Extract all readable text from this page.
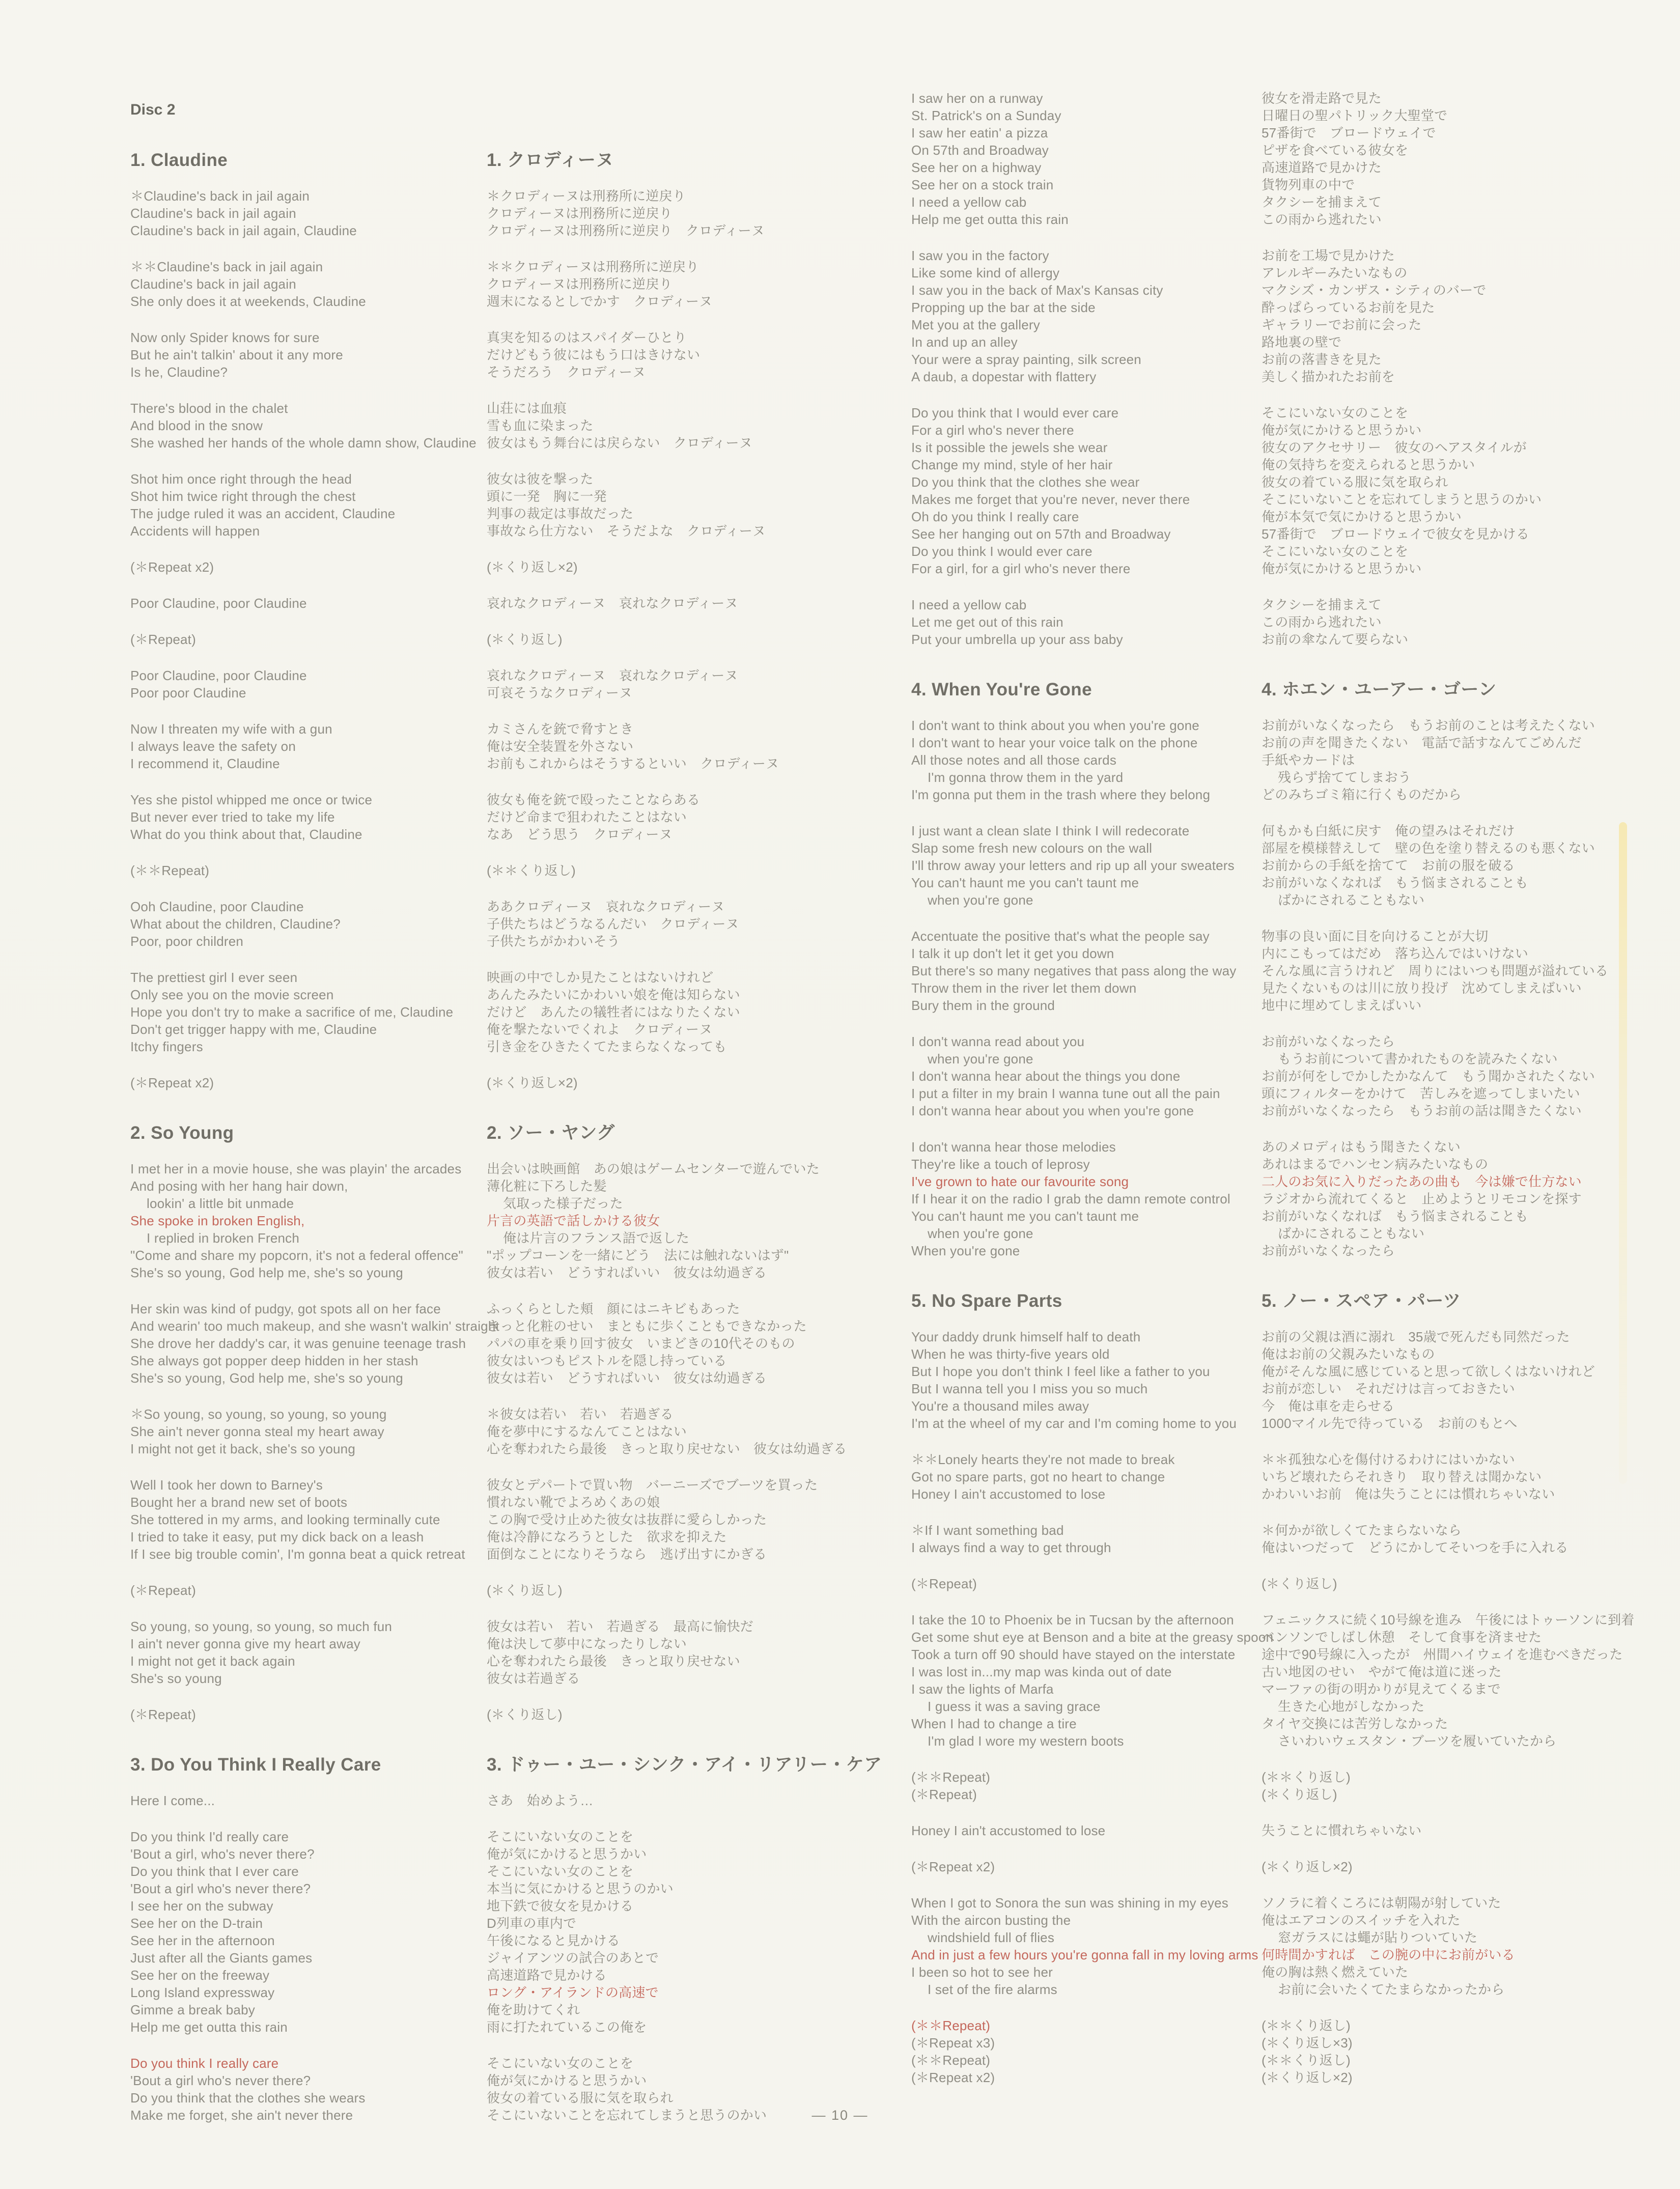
Disc 2
1. Claudine
＊Claudine's back in jail again
Claudine's back in jail again
Claudine's back in jail again, Claudine
＊＊Claudine's back in jail again
Claudine's back in jail again
She only does it at weekends, Claudine
Now only Spider knows for sure
But he ain't talkin' about it any more
Is he, Claudine?
There's blood in the chalet
And blood in the snow
She washed her hands of the whole damn show, Claudine
Shot him once right through the head
Shot him twice right through the chest
The judge ruled it was an accident, Claudine
Accidents will happen
(＊Repeat x2)
Poor Claudine, poor Claudine
(＊Repeat)
Poor Claudine, poor Claudine
Poor poor Claudine
Now I threaten my wife with a gun
I always leave the safety on
I recommend it, Claudine
Yes she pistol whipped me once or twice
But never ever tried to take my life
What do you think about that, Claudine
(＊＊Repeat)
Ooh Claudine, poor Claudine
What about the children, Claudine?
Poor, poor children
The prettiest girl I ever seen
Only see you on the movie screen
Hope you don't try to make a sacrifice of me, Claudine
Don't get trigger happy with me, Claudine
Itchy fingers
(＊Repeat x2)
2. So Young
I met her in a movie house, she was playin' the arcades
And posing with her hang hair down,
lookin' a little bit unmade
She spoke in broken English,
I replied in broken French
"Come and share my popcorn, it's not a federal offence"
She's so young, God help me, she's so young
Her skin was kind of pudgy, got spots all on her face
And wearin' too much makeup, and she wasn't walkin' straight
She drove her daddy's car, it was genuine teenage trash
She always got popper deep hidden in her stash
She's so young, God help me, she's so young
＊So young, so young, so young, so young
She ain't never gonna steal my heart away
I might not get it back, she's so young
Well I took her down to Barney's
Bought her a brand new set of boots
She tottered in my arms, and looking terminally cute
I tried to take it easy, put my dick back on a leash
If I see big trouble comin', I'm gonna beat a quick retreat
(＊Repeat)
So young, so young, so young, so much fun
I ain't never gonna give my heart away
I might not get it back again
She's so young
(＊Repeat)
3. Do You Think I Really Care
Here I come...
Do you think I'd really care
'Bout a girl, who's never there?
Do you think that I ever care
'Bout a girl who's never there?
I see her on the subway
See her on the D-train
See her in the afternoon
Just after all the Giants games
See her on the freeway
Long Island expressway
Gimme a break baby
Help me get outta this rain
Do you think I really care
'Bout a girl who's never there?
Do you think that the clothes she wears
Make me forget, she ain't never there
1. クロディーヌ
＊クロディーヌは刑務所に逆戻り
クロディーヌは刑務所に逆戻り
クロディーヌは刑務所に逆戻り　クロディーヌ
＊＊クロディーヌは刑務所に逆戻り
クロディーヌは刑務所に逆戻り
週末になるとしでかす　クロディーヌ
真実を知るのはスパイダーひとり
だけどもう彼にはもう口はきけない
そうだろう　クロディーヌ
山荘には血痕
雪も血に染まった
彼女はもう舞台には戻らない　クロディーヌ
彼女は彼を撃った
頭に一発　胸に一発
判事の裁定は事故だった
事故なら仕方ない　そうだよな　クロディーヌ
(＊くり返し×2)
哀れなクロディーヌ　哀れなクロディーヌ
(＊くり返し)
哀れなクロディーヌ　哀れなクロディーヌ
可哀そうなクロディーヌ
カミさんを銃で脅すとき
俺は安全装置を外さない
お前もこれからはそうするといい　クロディーヌ
彼女も俺を銃で殴ったことならある
だけど命まで狙われたことはない
なあ　どう思う　クロディーヌ
(＊＊くり返し)
ああクロディーヌ　哀れなクロディーヌ
子供たちはどうなるんだい　クロディーヌ
子供たちがかわいそう
映画の中でしか見たことはないけれど
あんたみたいにかわいい娘を俺は知らない
だけど　あんたの犠牲者にはなりたくない
俺を撃たないでくれよ　クロディーヌ
引き金をひきたくてたまらなくなっても
(＊くり返し×2)
2. ソー・ヤング
出会いは映画館　あの娘はゲームセンターで遊んでいた
薄化粧に下ろした髪
気取った様子だった
片言の英語で話しかける彼女
俺は片言のフランス語で返した
"ポップコーンを一緒にどう　法には触れないはず"
彼女は若い　どうすればいい　彼女は幼過ぎる
ふっくらとした頬　顔にはニキビもあった
きっと化粧のせい　まともに歩くこともできなかった
パパの車を乗り回す彼女　いまどきの10代そのもの
彼女はいつもピストルを隠し持っている
彼女は若い　どうすればいい　彼女は幼過ぎる
＊彼女は若い　若い　若過ぎる
俺を夢中にするなんてことはない
心を奪われたら最後　きっと取り戻せない　彼女は幼過ぎる
彼女とデパートで買い物　バーニーズでブーツを買った
慣れない靴でよろめくあの娘
この胸で受け止めた彼女は抜群に愛らしかった
俺は冷静になろうとした　欲求を抑えた
面倒なことになりそうなら　逃げ出すにかぎる
(＊くり返し)
彼女は若い　若い　若過ぎる　最高に愉快だ
俺は決して夢中になったりしない
心を奪われたら最後　きっと取り戻せない
彼女は若過ぎる
(＊くり返し)
3. ドゥー・ユー・シンク・アイ・リアリー・ケア
さあ　始めよう…
そこにいない女のことを
俺が気にかけると思うかい
そこにいない女のことを
本当に気にかけると思うのかい
地下鉄で彼女を見かける
D列車の車内で
午後になると見かける
ジャイアンツの試合のあとで
高速道路で見かける
ロング・アイランドの高速で
俺を助けてくれ
雨に打たれているこの俺を
そこにいない女のことを
俺が気にかけると思うかい
彼女の着ている服に気を取られ
そこにいないことを忘れてしまうと思うのかい
I saw her on a runway
St. Patrick's on a Sunday
I saw her eatin' a pizza
On 57th and Broadway
See her on a highway
See her on a stock train
I need a yellow cab
Help me get outta this rain
I saw you in the factory
Like some kind of allergy
I saw you in the back of Max's Kansas city
Propping up the bar at the side
Met you at the gallery
In and up an alley
Your were a spray painting, silk screen
A daub, a dopestar with flattery
Do you think that I would ever care
For a girl who's never there
Is it possible the jewels she wear
Change my mind, style of her hair
Do you think that the clothes she wear
Makes me forget that you're never, never there
Oh do you think I really care
See her hanging out on 57th and Broadway
Do you think I would ever care
For a girl, for a girl who's never there
I need a yellow cab
Let me get out of this rain
Put your umbrella up your ass baby
4. When You're Gone
I don't want to think about you when you're gone
I don't want to hear your voice talk on the phone
All those notes and all those cards
I'm gonna throw them in the yard
I'm gonna put them in the trash where they belong
I just want a clean slate I think I will redecorate
Slap some fresh new colours on the wall
I'll throw away your letters and rip up all your sweaters
You can't haunt me you can't taunt me
when you're gone
Accentuate the positive that's what the people say
I talk it up don't let it get you down
But there's so many negatives that pass along the way
Throw them in the river let them down
Bury them in the ground
I don't wanna read about you
when you're gone
I don't wanna hear about the things you done
I put a filter in my brain I wanna tune out all the pain
I don't wanna hear about you when you're gone
I don't wanna hear those melodies
They're like a touch of leprosy
I've grown to hate our favourite song
If I hear it on the radio I grab the damn remote control
You can't haunt me you can't taunt me
when you're gone
When you're gone
5. No Spare Parts
Your daddy drunk himself half to death
When he was thirty-five years old
But I hope you don't think I feel like a father to you
But I wanna tell you I miss you so much
You're a thousand miles away
I'm at the wheel of my car and I'm coming home to you
＊＊Lonely hearts they're not made to break
Got no spare parts, got no heart to change
Honey I ain't accustomed to lose
＊If I want something bad
I always find a way to get through
(＊Repeat)
I take the 10 to Phoenix be in Tucsan by the afternoon
Get some shut eye at Benson and a bite at the greasy spoon
Took a turn off 90 should have stayed on the interstate
I was lost in...my map was kinda out of date
I saw the lights of Marfa
I guess it was a saving grace
When I had to change a tire
I'm glad I wore my western boots
(＊＊Repeat)
(＊Repeat)
Honey I ain't accustomed to lose
(＊Repeat x2)
When I got to Sonora the sun was shining in my eyes
With the aircon busting the
windshield full of flies
And in just a few hours you're gonna fall in my loving arms
I been so hot to see her
I set of the fire alarms
(＊＊Repeat)
(＊Repeat x3)
(＊＊Repeat)
(＊Repeat x2)
彼女を滑走路で見た
日曜日の聖パトリック大聖堂で
57番街で　ブロードウェイで
ピザを食べている彼女を
高速道路で見かけた
貨物列車の中で
タクシーを捕まえて
この雨から逃れたい
お前を工場で見かけた
アレルギーみたいなもの
マクシズ・カンザス・シティのバーで
酔っぱらっているお前を見た
ギャラリーでお前に会った
路地裏の壁で
お前の落書きを見た
美しく描かれたお前を
そこにいない女のことを
俺が気にかけると思うかい
彼女のアクセサリー　彼女のヘアスタイルが
俺の気持ちを変えられると思うかい
彼女の着ている服に気を取られ
そこにいないことを忘れてしまうと思うのかい
俺が本気で気にかけると思うかい
57番街で　ブロードウェイで彼女を見かける
そこにいない女のことを
俺が気にかけると思うかい
タクシーを捕まえて
この雨から逃れたい
お前の傘なんて要らない
4. ホエン・ユーアー・ゴーン
お前がいなくなったら　もうお前のことは考えたくない
お前の声を聞きたくない　電話で話すなんてごめんだ
手紙やカードは
残らず捨ててしまおう
どのみちゴミ箱に行くものだから
何もかも白紙に戻す　俺の望みはそれだけ
部屋を模様替えして　壁の色を塗り替えるのも悪くない
お前からの手紙を捨てて　お前の服を破る
お前がいなくなれば　もう悩まされることも
ばかにされることもない
物事の良い面に目を向けることが大切
内にこもってはだめ　落ち込んではいけない
そんな風に言うけれど　周りにはいつも問題が溢れている
見たくないものは川に放り投げ　沈めてしまえばいい
地中に埋めてしまえばいい
お前がいなくなったら
もうお前について書かれたものを読みたくない
お前が何をしでかしたかなんて　もう聞かされたくない
頭にフィルターをかけて　苦しみを遮ってしまいたい
お前がいなくなったら　もうお前の話は聞きたくない
あのメロディはもう聞きたくない
あれはまるでハンセン病みたいなもの
二人のお気に入りだったあの曲も　今は嫌で仕方ない
ラジオから流れてくると　止めようとリモコンを探す
お前がいなくなれば　もう悩まされることも
ばかにされることもない
お前がいなくなったら
5. ノー・スペア・パーツ
お前の父親は酒に溺れ　35歳で死んだも同然だった
俺はお前の父親みたいなもの
俺がそんな風に感じていると思って欲しくはないけれど
お前が恋しい　それだけは言っておきたい
今　俺は車を走らせる
1000マイル先で待っている　お前のもとへ
＊＊孤独な心を傷付けるわけにはいかない
いちど壊れたらそれきり　取り替えは聞かない
かわいいお前　俺は失うことには慣れちゃいない
＊何かが欲しくてたまらないなら
俺はいつだって　どうにかしてそいつを手に入れる
(＊くり返し)
フェニックスに続く10号線を進み　午後にはトゥーソンに到着
ベンソンでしばし休憩　そして食事を済ませた
途中で90号線に入ったが　州間ハイウェイを進むべきだった
古い地図のせい　やがて俺は道に迷った
マーファの街の明かりが見えてくるまで
生きた心地がしなかった
タイヤ交換には苦労しなかった
さいわいウェスタン・ブーツを履いていたから
(＊＊くり返し)
(＊くり返し)
失うことに慣れちゃいない
(＊くり返し×2)
ソノラに着くころには朝陽が射していた
俺はエアコンのスイッチを入れた
窓ガラスには蠅が貼りついていた
何時間かすれば　この腕の中にお前がいる
俺の胸は熱く燃えていた
お前に会いたくてたまらなかったから
(＊＊くり返し)
(＊くり返し×3)
(＊＊くり返し)
(＊くり返し×2)
— 10 —
